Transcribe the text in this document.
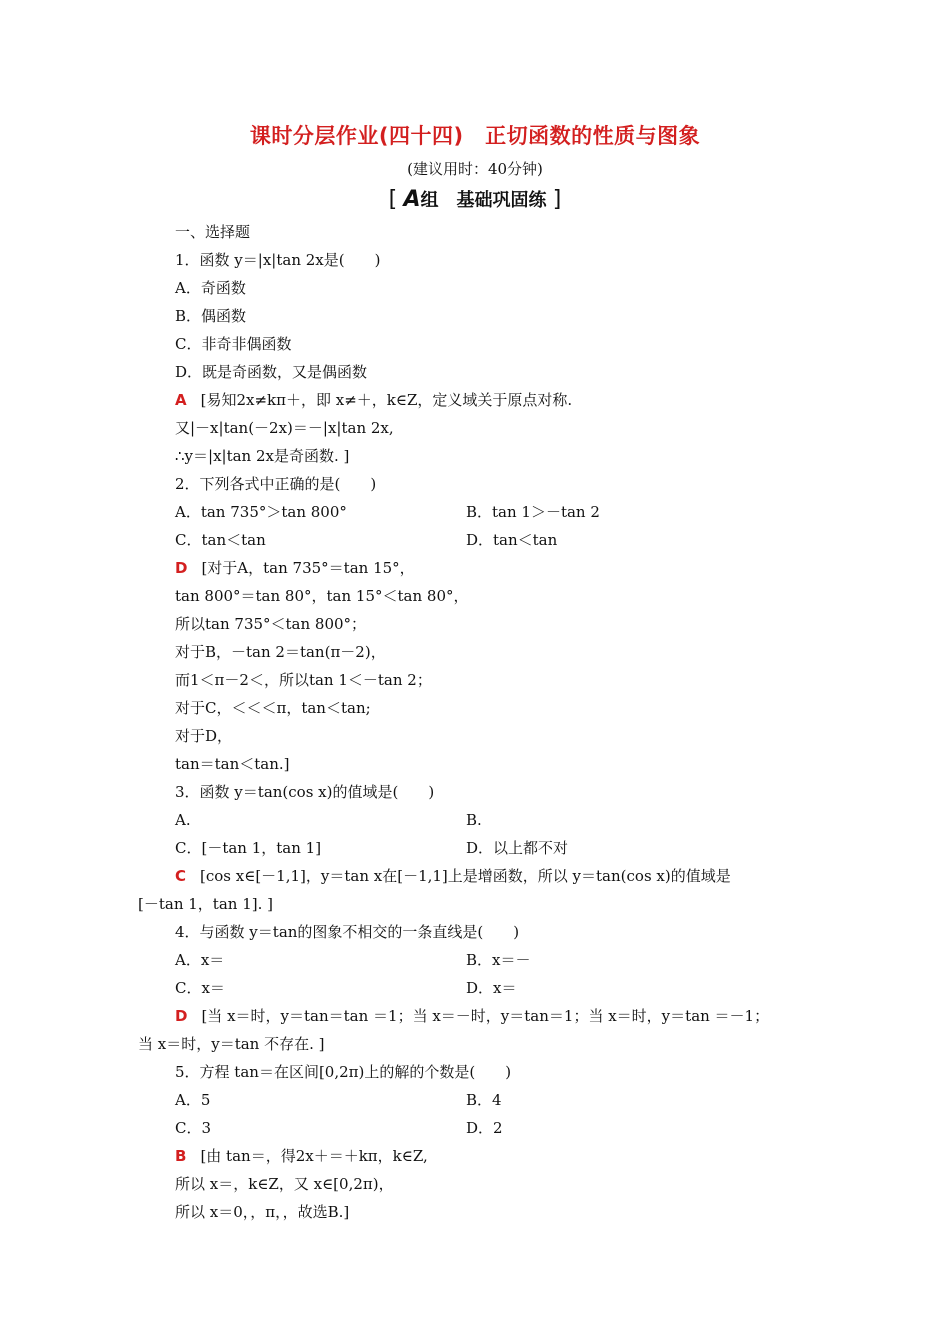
课时分层作业(四十四)　正切函数的性质与图象
(建议用时：40分钟)
[ A组　基础巩固练 ]
一、选择题
1．函数 y＝|x|tan 2x是(　　)
A．奇函数
B．偶函数
C．非奇非偶函数
D．既是奇函数，又是偶函数
A [易知2x≠kπ＋，即 x≠＋，k∈Z，定义域关于原点对称.
又|－x|tan(－2x)＝－|x|tan 2x,
∴y＝|x|tan 2x是奇函数. ]
2．下列各式中正确的是(　　)
A．tan 735°＞tan 800°	B．tan 1＞－tan 2
C．tan＜tan	D．tan＜tan
D [对于A，tan 735°＝tan 15°，
tan 800°＝tan 80°，tan 15°＜tan 80°，
所以tan 735°＜tan 800°；
对于B，－tan 2＝tan(π－2)，
而1＜π－2＜，所以tan 1＜－tan 2；
对于C，＜＜＜π，tan＜tan;
对于D，
tan＝tan＜tan.]
3．函数 y＝tan(cos x)的值域是(　　)
A.	B.
C．[－tan 1，tan 1]	D．以上都不对
C [cos x∈[－1,1]，y＝tan x在[－1,1]上是增函数，所以 y＝tan(cos x)的值域是
[－tan 1，tan 1]. ]
4．与函数 y＝tan的图象不相交的一条直线是(　　)
A．x＝	B．x＝－
C．x＝	D．x＝
D [当 x＝时，y＝tan＝tan ＝1；当 x＝－时，y＝tan＝1；当 x＝时，y＝tan ＝－1；
当 x＝时，y＝tan 不存在. ]
5．方程 tan＝在区间[0,2π)上的解的个数是(　　)
A．5	B．4
C．3	D．2
B [由 tan＝，得2x＋＝＋kπ，k∈Z,
所以 x＝，k∈Z，又 x∈[0,2π)，
所以 x＝0，，π，，故选B.]
